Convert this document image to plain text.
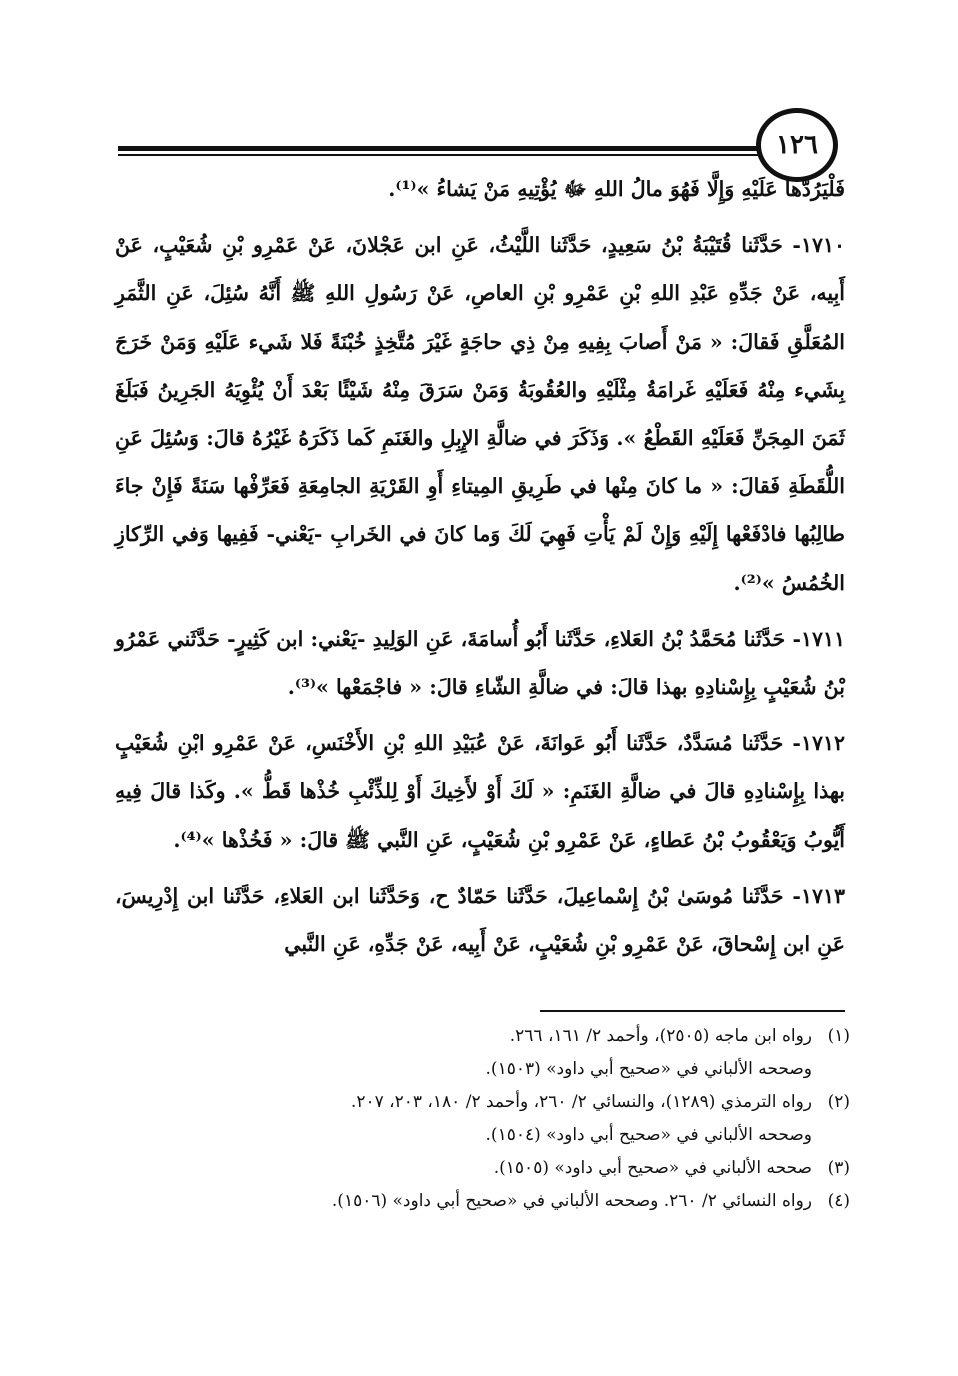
١٢٦

فَلْيَرُدَّها عَلَيْهِ وَإِلَّا فَهُوَ مالُ اللهِ ﷻ يُؤْتِيهِ مَنْ يَشاءُ »⁽¹⁾.

١٧١٠- حَدَّثَنا قُتَيْبَةُ بْنُ سَعِيدٍ، حَدَّثَنا اللَّيْثُ، عَنِ ابن عَجْلانَ، عَنْ عَمْرِو بْنِ شُعَيْبٍ، عَنْ أَبِيه، عَنْ جَدِّهِ عَبْدِ اللهِ بْنِ عَمْرِو بْنِ العاصِ، عَنْ رَسُولِ اللهِ ﷺ أَنَّهُ سُئِلَ، عَنِ الثَّمَرِ المُعَلَّقِ فَقالَ: « مَنْ أَصابَ بِفِيهِ مِنْ ذِي حاجَةٍ غَيْرَ مُتَّخِذٍ خُبْنَةً فَلا شَيء عَلَيْهِ وَمَنْ خَرَجَ بِشَيء مِنْهُ فَعَلَيْهِ غَرامَةُ مِثْلَيْهِ والعُقُوبَةُ وَمَنْ سَرَقَ مِنْهُ شَيْئًا بَعْدَ أَنْ يُئْوِيَهُ الجَرِينُ فَبَلَغَ ثَمَنَ المِجَنِّ فَعَلَيْهِ القَطْعُ ». وَذَكَرَ في ضالَّةِ الإِبِلِ والغَنَمِ كَما ذَكَرَهُ غَيْرُهُ قالَ: وَسُئِلَ عَنِ اللُّقَطَةِ فَقالَ: « ما كانَ مِنْها في طَرِيقِ المِيتاءِ أَوِ القَرْيَةِ الجامِعَةِ فَعَرِّفْها سَنَةً فَإِنْ جاءَ طالِبُها فادْفَعْها إِلَيْهِ وَإِنْ لَمْ يَأْتِ فَهِيَ لَكَ وَما كانَ في الخَرابِ -يَعْني- فَفِيها وَفي الرِّكازِ الخُمُسُ »⁽²⁾.

١٧١١- حَدَّثَنا مُحَمَّدُ بْنُ العَلاءِ، حَدَّثَنا أَبُو أُسامَةَ، عَنِ الوَلِيدِ -يَعْني: ابن كَثِيرٍ- حَدَّثَني عَمْرُو بْنُ شُعَيْبٍ بِإِسْنادِهِ بهذا قالَ: في ضالَّةِ الشّاءِ قالَ: « فاجْمَعْها »⁽³⁾.

١٧١٢- حَدَّثَنا مُسَدَّدٌ، حَدَّثَنا أَبُو عَوانَةَ، عَنْ عُبَيْدِ اللهِ بْنِ الأَخْنَسِ، عَنْ عَمْرِو ابْنِ شُعَيْبٍ بهذا بِإِسْنادِهِ قالَ في ضالَّةِ الغَنَمِ: « لَكَ أَوْ لأَخِيكَ أَوْ لِلذِّئْبِ خُذْها قَطُّ ». وكَذا قالَ فِيهِ أَيُّوبُ وَيَعْقُوبُ بْنُ عَطاءٍ، عَنْ عَمْرِو بْنِ شُعَيْبٍ، عَنِ النَّبي ﷺ قالَ: « فَخُذْها »⁽⁴⁾.

١٧١٣- حَدَّثَنا مُوسَىٰ بْنُ إِسْماعِيلَ، حَدَّثَنا حَمّادٌ ح، وَحَدَّثَنا ابن العَلاءِ، حَدَّثَنا ابن إِدْرِيسَ، عَنِ ابن إِسْحاقَ، عَنْ عَمْرِو بْنِ شُعَيْبٍ، عَنْ أَبِيه، عَنْ جَدِّهِ، عَنِ النَّبي

(١)

رواه ابن ماجه (٢٥٠٥)، وأحمد ٢/ ١٦١، ٢٦٦.

وصححه الألباني في «صحيح أبي داود» (١٥٠٣).

(٢)

رواه الترمذي (١٢٨٩)، والنسائي ٢/ ٢٦٠، وأحمد ٢/ ١٨٠، ٢٠٣، ٢٠٧.

وصححه الألباني في «صحيح أبي داود» (١٥٠٤).

(٣)

صححه الألباني في «صحيح أبي داود» (١٥٠٥).

(٤)

رواه النسائي ٢/ ٢٦٠. وصححه الألباني في «صحيح أبي داود» (١٥٠٦).
